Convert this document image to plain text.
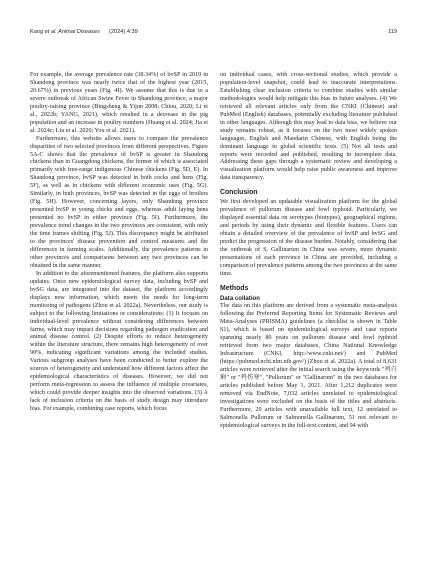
Kang et al. Animal Diseases      (2024) 4:39	119

For example, the average prevalence rate (38.34%) of bvSP in 2019 in Shandong province was nearly twice that of the highest year (2015, 20.67%) in previous years (Fig. 4I). We assume that this is due to a severe outbreak of African Swine Fever in Shandong province, a major poultry-raising province (Bingsheng & Yijun 2008; Chiou, 2020; Li et al., 2022b; YANG, 2021), which resulted in a decrease in the pig population and an increase in poultry numbers (Huang et al. 2024; Jia et al. 2024c; Liu et al. 2020; You et al. 2021).

Furthermore, this website allows users to compare the prevalence disparities of two selected provinces from different perspectives. Figure 5A-C shows that the prevalence of bvSP is greater in Shandong chickens than in Guangdong chickens, the former of which is associated primarily with free-range indigenous Chinese chickens (Fig. 5D, E). In Shandong province, bvSP was detected in both cocks and hens (Fig. 5F), as well as in chickens with different economic uses (Fig. 5G). Similarly, in both provinces, bvSP was detected in the eggs of broilers (Fig. 5H). However, concerning layers, only Shandong province presented bvSP in young chicks and eggs, whereas adult laying hens presented no bvSP in either province (Fig. 5I). Furthermore, the prevalence trend changes in the two provinces are consistent, with only the time frames shifting (Fig. 5J). This discrepancy might be attributed to the provinces' disease prevention and control measures and the differences in farming scales. Additionally, the prevalence patterns in other provinces and comparisons between any two provinces can be obtained in the same manner.

In addition to the aforementioned features, the platform also supports updates. Once new epidemiological survey data, including bvSP and bvSG data, are integrated into the dataset, the platform accordingly displays new information, which meets the needs for long-term monitoring of pathogens (Zhou et al. 2022a). Nevertheless, our study is subject to the following limitations or considerations: (1) It focuses on individual-level prevalence without considering differences between farms, which may impact decisions regarding pathogen eradication and animal disease control. (2) Despite efforts to reduce heterogeneity within the literature structure, there remains high heterogeneity of over 90%, indicating significant variations among the included studies. Various subgroup analyses have been conducted to better explore the sources of heterogeneity and understand how different factors affect the epidemiological characteristics of diseases. However, we did not perform meta-regression to assess the influence of multiple covariates, which could provide deeper insights into the observed variations. (3) A lack of inclusion criteria on the basis of study design may introduce bias. For example, combining case reports, which focus

on individual cases, with cross-sectional studies, which provide a population-level snapshot, could lead to inaccurate interpretations. Establishing clear inclusion criteria to combine studies with similar methodologies would help mitigate this bias in future analyses. (4) We retrieved all relevant articles only from the CNKI (Chinese) and PubMed (English) databases, potentially excluding literature published in other languages. Although this may lead to data bias, we believe our study remains robust, as it focuses on the two most widely spoken languages, English and Mandarin Chinese, with English being the dominant language in global scientific texts. (5) Not all tests and reports were recorded and published, resulting in incomplete data. Addressing these gaps through a systematic review and developing a visualization platform would help raise public awareness and improve data transparency.

Conclusion

We first developed an updatable visualization platform for the global prevalence of pullorum disease and fowl typhoid. Particularly, we displayed essential data on serotypes (biotypes), geographical regions, and periods by using their dynamic and flexible features. Users can obtain a detailed overview of the prevalence of bvSP and bvSG and predict the progression of the disease burden. Notably, considering that the outbreak of S. Gallinarum in China was severe, more dynamic presentations of each province in China are provided, including a comparison of prevalence patterns among the two provinces at the same time.

Methods
Data collation

The data on this platform are derived from a systematic meta-analysis following the Preferred Reporting Items for Systematic Reviews and Meta-Analyses (PRISMA) guidelines (a checklist is shown in Table S1), which is based on epidemiological surveys and case reports spanning nearly 80 years on pullorum disease and fowl typhoid retrieved from two major databases, China National Knowledge Infrastructure (CNKI, http://www.cnki.net/) and PubMed (https://pubmed.ncbi.nlm.nih.gov/) (Zhou et al. 2022a). A total of 8,631 articles were retrieved after the initial search using the keywords "鸡白痢" or "鸡伤寒", "Pullorum" or "Gallinarum" in the two databases for articles published before May 1, 2021. After 1,212 duplicates were removed via EndNote, 7,032 articles unrelated to epidemiological investigations were excluded on the basis of the titles and abstracts. Furthermore, 29 articles with unavailable full text, 12 unrelated to Salmonella Pullorum or Salmonella Gallinarum, 51 not relevant to epidemiological surveys in the full-text content, and 94 with
